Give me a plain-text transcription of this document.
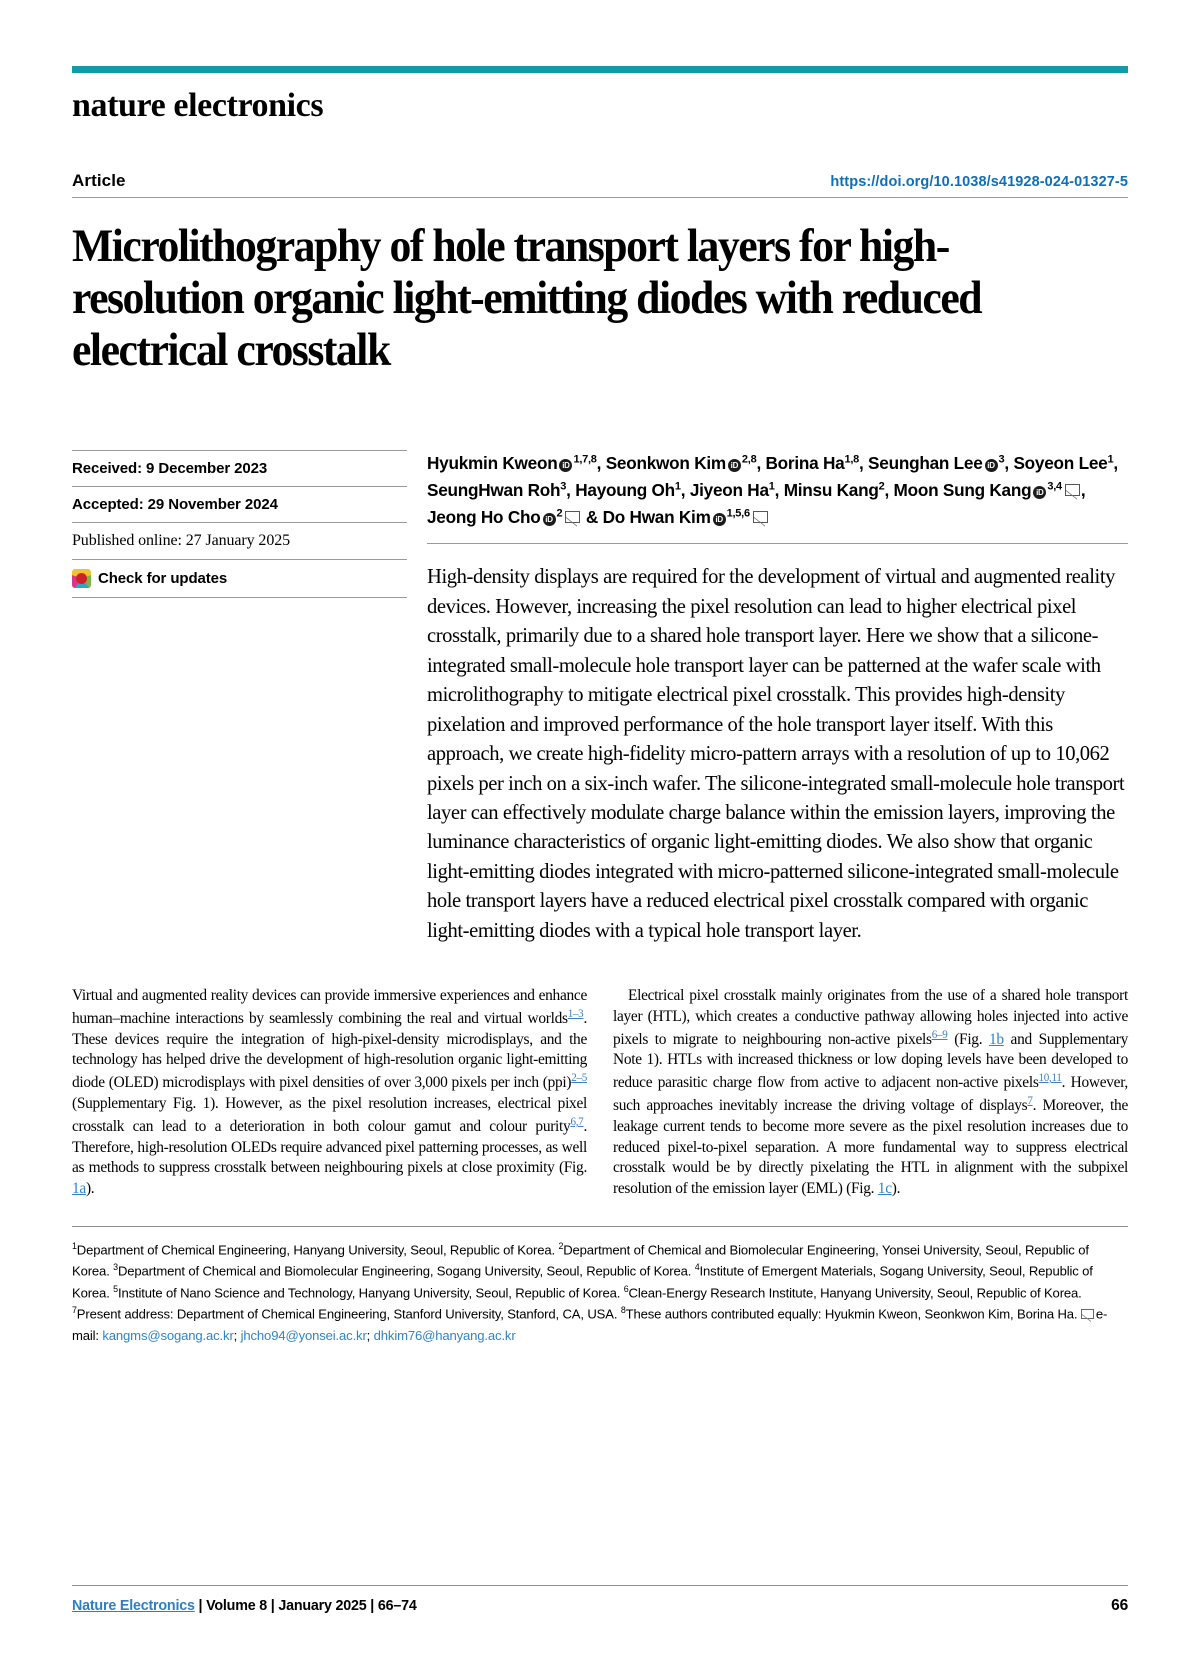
nature electronics
Article	https://doi.org/10.1038/s41928-024-01327-5
Microlithography of hole transport layers for high-resolution organic light-emitting diodes with reduced electrical crosstalk
Received: 9 December 2023
Accepted: 29 November 2024
Published online: 27 January 2025
Check for updates
Hyukmin Kweon iD$^{1,7,8}$, Seonkwon Kim iD$^{2,8}$, Borina Ha$^{1,8}$, Seunghan Lee $iD^3$, Soyeon Lee$^1$, SeungHwan Roh$^3$, Hayoung Oh$^1$, Jiyeon Ha$^1$, Minsu Kang$^2$, Moon Sung Kang iD$^{3,4}$ , Jeong Ho Cho $iD^2$ & Do Hwan Kim iD$^{1,5,6}$
High-density displays are required for the development of virtual and augmented reality devices. However, increasing the pixel resolution can lead to higher electrical pixel crosstalk, primarily due to a shared hole transport layer. Here we show that a silicone-integrated small-molecule hole transport layer can be patterned at the wafer scale with microlithography to mitigate electrical pixel crosstalk. This provides high-density pixelation and improved performance of the hole transport layer itself. With this approach, we create high-fidelity micro-pattern arrays with a resolution of up to 10,062 pixels per inch on a six-inch wafer. The silicone-integrated small-molecule hole transport layer can effectively modulate charge balance within the emission layers, improving the luminance characteristics of organic light-emitting diodes. We also show that organic light-emitting diodes integrated with micro-patterned silicone-integrated small-molecule hole transport layers have a reduced electrical pixel crosstalk compared with organic light-emitting diodes with a typical hole transport layer.

Virtual and augmented reality devices can provide immersive experiences and enhance human–machine interactions by seamlessly combining the real and virtual worlds$^{1-3}$. These devices require the integration of high-pixel-density microdisplays, and the technology has helped drive the development of high-resolution organic light-emitting diode (OLED) microdisplays with pixel densities of over 3,000 pixels per inch (ppi)$^{2-5}$ (Supplementary Fig. 1). However, as the pixel resolution increases, electrical pixel crosstalk can lead to a deterioration in both colour gamut and colour purity$^{6,7}$. Therefore, high-resolution OLEDs require advanced pixel patterning processes, as well as methods to suppress crosstalk between neighbouring pixels at close proximity (Fig. 1a).

Electrical pixel crosstalk mainly originates from the use of a shared hole transport layer (HTL), which creates a conductive pathway allowing holes injected into active pixels to migrate to neighbouring non-active pixels$^{6-9}$ (Fig. 1b and Supplementary Note 1). HTLs with increased thickness or low doping levels have been developed to reduce parasitic charge flow from active to adjacent non-active pixels$^{10,11}$. However, such approaches inevitably increase the driving voltage of displays$^7$. Moreover, the leakage current tends to become more severe as the pixel resolution increases due to reduced pixel-to-pixel separation. A more fundamental way to suppress electrical crosstalk would be by directly pixelating the HTL in alignment with the subpixel resolution of the emission layer (EML) (Fig. 1c).

$^1$Department of Chemical Engineering, Hanyang University, Seoul, Republic of Korea. $^2$Department of Chemical and Biomolecular Engineering, Yonsei University, Seoul, Republic of Korea. $^3$Department of Chemical and Biomolecular Engineering, Sogang University, Seoul, Republic of Korea. $^4$Institute of Emergent Materials, Sogang University, Seoul, Republic of Korea. $^5$Institute of Nano Science and Technology, Hanyang University, Seoul, Republic of Korea. $^6$Clean-Energy Research Institute, Hanyang University, Seoul, Republic of Korea. $^7$Present address: Department of Chemical Engineering, Stanford University, Stanford, CA, USA. $^8$These authors contributed equally: Hyukmin Kweon, Seonkwon Kim, Borina Ha. e-mail: kangms@sogang.ac.kr; jhcho94@yonsei.ac.kr; dhkim76@hanyang.ac.kr
Nature Electronics | Volume 8 | January 2025 | 66–74	66
